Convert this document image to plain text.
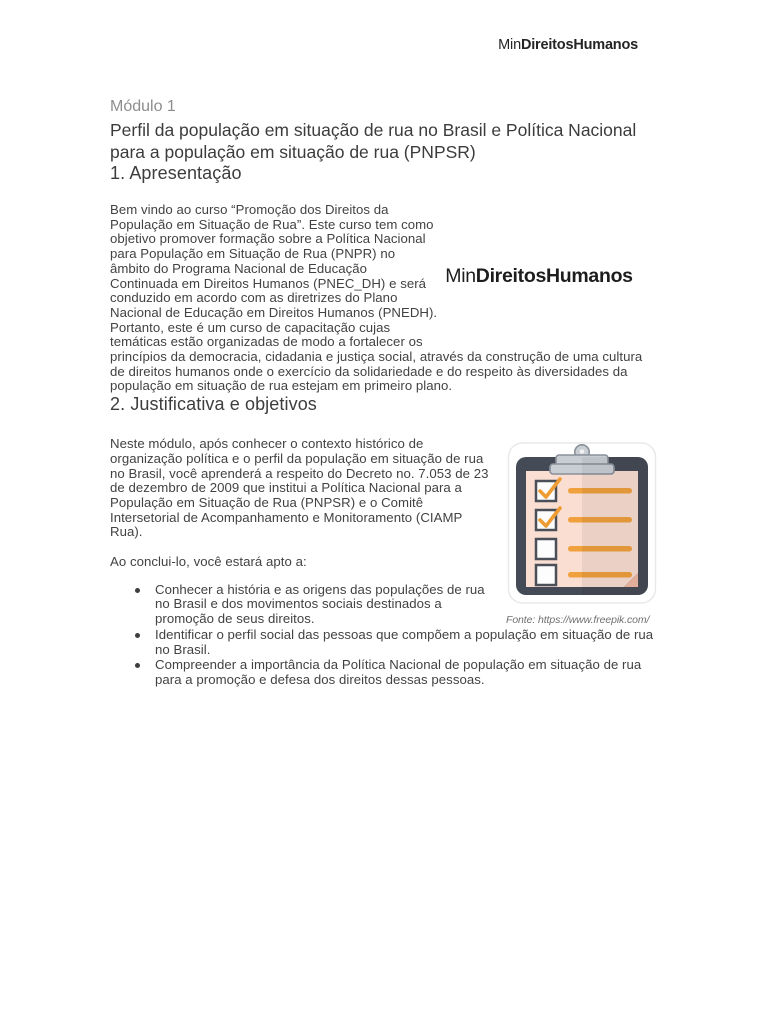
MinDireitosHumanos
Módulo 1
Perfil da população em situação de rua no Brasil e Política Nacional para a população em situação de rua (PNPSR)
1. Apresentação
MinDireitosHumanos

Bem vindo ao curso “Promoção dos Direitos da População em Situação de Rua”. Este curso tem como objetivo promover formação sobre a Política Nacional para População em Situação de Rua (PNPR) no âmbito do Programa Nacional de Educação Continuada em Direitos Humanos (PNEC_DH) e será conduzido em acordo com as diretrizes do Plano Nacional de Educação em Direitos Humanos (PNEDH). Portanto, este é um curso de capacitação cujas temáticas estão organizadas de modo a fortalecer os princípios da democracia, cidadania e justiça social, através da construção de uma cultura de direitos humanos onde o exercício da solidariedade e do respeito às diversidades da população em situação de rua estejam em primeiro plano.

2. Justificativa e objetivos
Fonte: https://www.freepik.com/

Neste módulo, após conhecer o contexto histórico de organização política e o perfil da população em situação de rua no Brasil, você aprenderá a respeito do Decreto no. 7.053 de 23 de dezembro de 2009 que institui a Política Nacional para a População em Situação de Rua (PNPSR) e o Comitê Intersetorial de Acompanhamento e Monitoramento (CIAMP Rua).

Ao conclui-lo, você estará apto a:

Conhecer a história e as origens das populações de rua no Brasil e dos movimentos sociais destinados a promoção de seus direitos.
Identificar o perfil social das pessoas que compõem a população em situação de rua no Brasil.
Compreender a importância da Política Nacional de população em situação de rua para a promoção e defesa dos direitos dessas pessoas.
